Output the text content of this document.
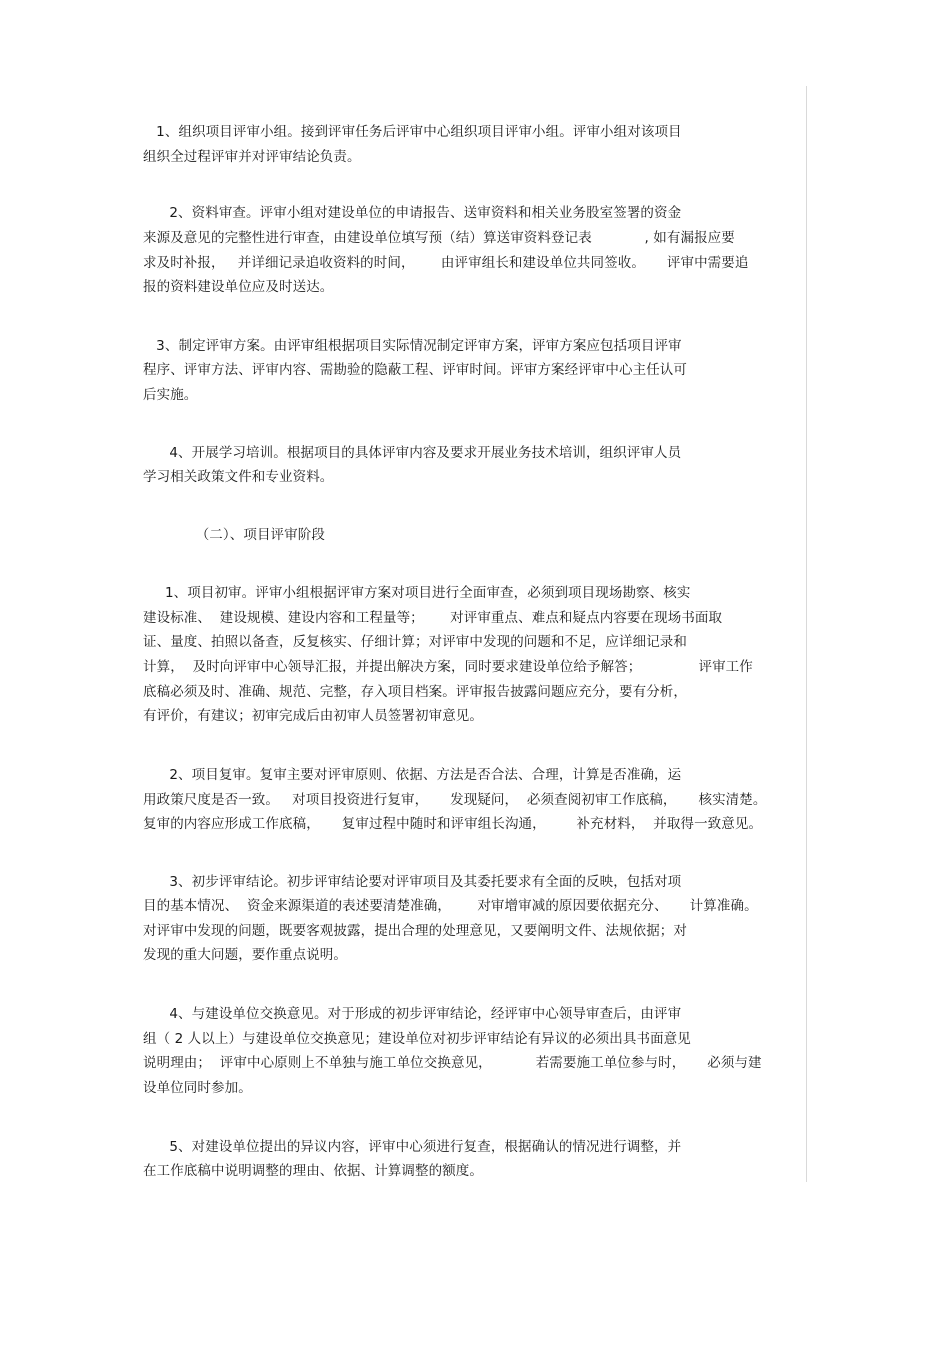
1、组织项目评审小组。接到评审任务后评审中心组织项目评审小组。评审小组对该项目
组织全过程评审并对评审结论负责。
2、资料审查。评审小组对建设单位的申请报告、送审资料和相关业务股室签署的资金
来源及意见的完整性进行审查，由建设单位填写预（结）算送审资料登记表            , 如有漏报应要
求及时补报，   并详细记录追收资料的时间，      由评审组长和建设单位共同签收。     评审中需要追
报的资料建设单位应及时送达。
3、制定评审方案。由评审组根据项目实际情况制定评审方案，评审方案应包括项目评审
程序、评审方法、评审内容、需勘验的隐蔽工程、评审时间。评审方案经评审中心主任认可
后实施。
4、开展学习培训。根据项目的具体评审内容及要求开展业务技术培训，组织评审人员
学习相关政策文件和专业资料。
（二）、项目评审阶段
1、项目初审。评审小组根据评审方案对项目进行全面审查，必须到项目现场勘察、核实
建设标准、  建设规模、建设内容和工程量等；      对评审重点、难点和疑点内容要在现场书面取
证、量度、拍照以备查，反复核实、仔细计算；对评审中发现的问题和不足，应详细记录和
计算，  及时向评审中心领导汇报，并提出解决方案，同时要求建设单位给予解答；             评审工作
底稿必须及时、准确、规范、完整，存入项目档案。评审报告披露问题应充分，要有分析，
有评价，有建议；初审完成后由初审人员签署初审意见。
2、项目复审。复审主要对评审原则、依据、方法是否合法、合理，计算是否准确，运
用政策尺度是否一致。   对项目投资进行复审，     发现疑问，  必须查阅初审工作底稿，     核实清楚。
复审的内容应形成工作底稿，     复审过程中随时和评审组长沟通，       补充材料，  并取得一致意见。
3、初步评审结论。初步评审结论要对评审项目及其委托要求有全面的反映，包括对项
目的基本情况、  资金来源渠道的表述要清楚准确，      对审增审减的原因要依据充分、     计算准确。
对评审中发现的问题，既要客观披露，提出合理的处理意见，又要阐明文件、法规依据；对
发现的重大问题，要作重点说明。
4、与建设单位交换意见。对于形成的初步评审结论，经评审中心领导审查后，由评审
组（ 2 人以上）与建设单位交换意见；建设单位对初步评审结论有异议的必须出具书面意见
说明理由；  评审中心原则上不单独与施工单位交换意见，          若需要施工单位参与时，     必须与建
设单位同时参加。
5、对建设单位提出的异议内容，评审中心须进行复查，根据确认的情况进行调整，并
在工作底稿中说明调整的理由、依据、计算调整的额度。
